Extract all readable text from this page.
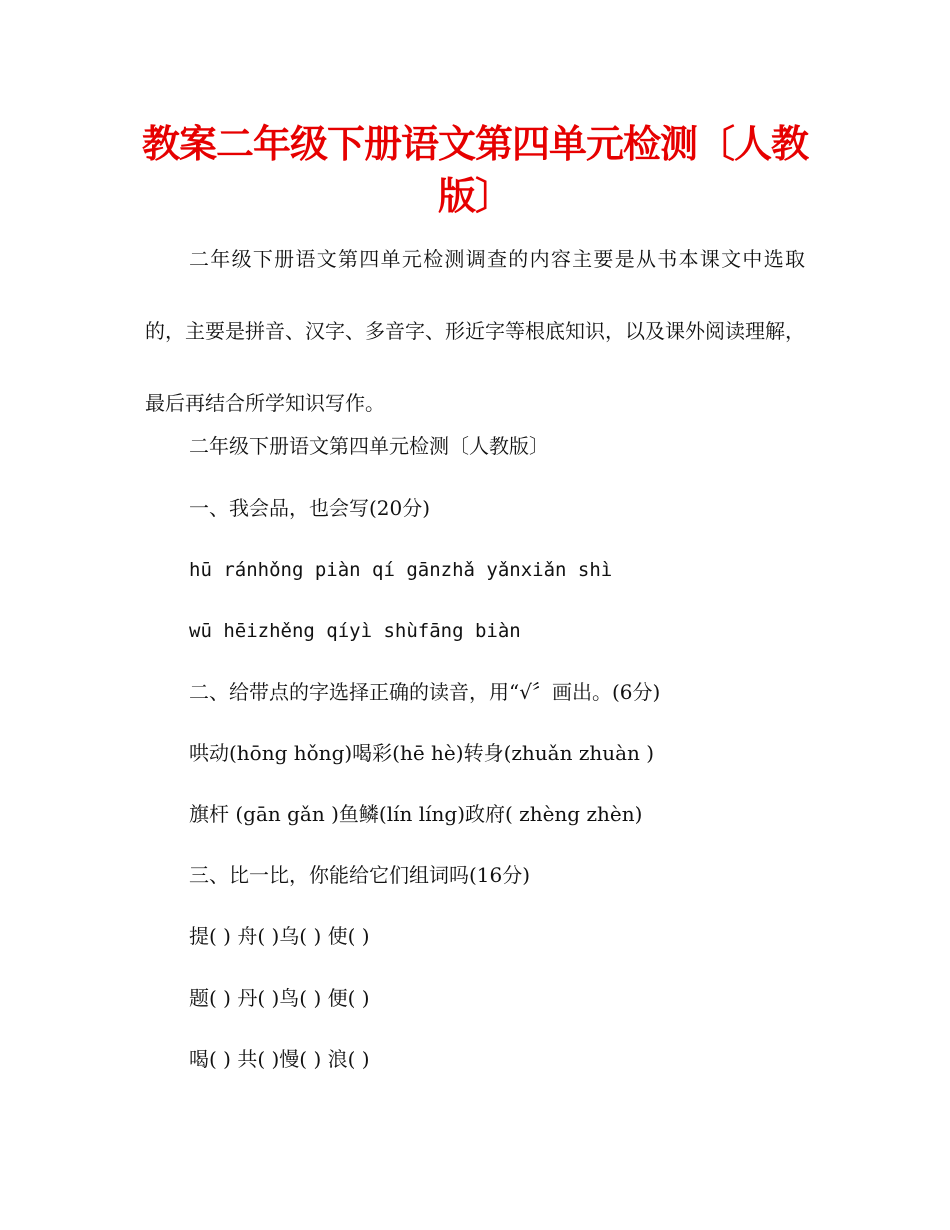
教案二年级下册语文第四单元检测〔人教版〕
二年级下册语文第四单元检测调查的内容主要是从书本课文中选取的，主要是拼音、汉字、多音字、形近字等根底知识，以及课外阅读理解，最后再结合所学知识写作。
二年级下册语文第四单元检测〔人教版〕
一、我会品，也会写(20分)
hū ránhǒng piàn qí gānzhǎ yǎnxiǎn shì
wū hēizhěng qíyì shùfāng biàn
二、给带点的字选择正确的读音，用“√〞画出。(6分)
哄动(hōng hǒng)喝彩(hē hè)转身(zhuǎn zhuàn )
旗杆 (gān gǎn )鱼鳞(lín líng)政府( zhèng zhèn)
三、比一比，你能给它们组词吗(16分)
提( ) 舟( )乌( ) 使( )
题( ) 丹( )鸟( ) 便( )
喝( ) 共( )慢( ) 浪( )
